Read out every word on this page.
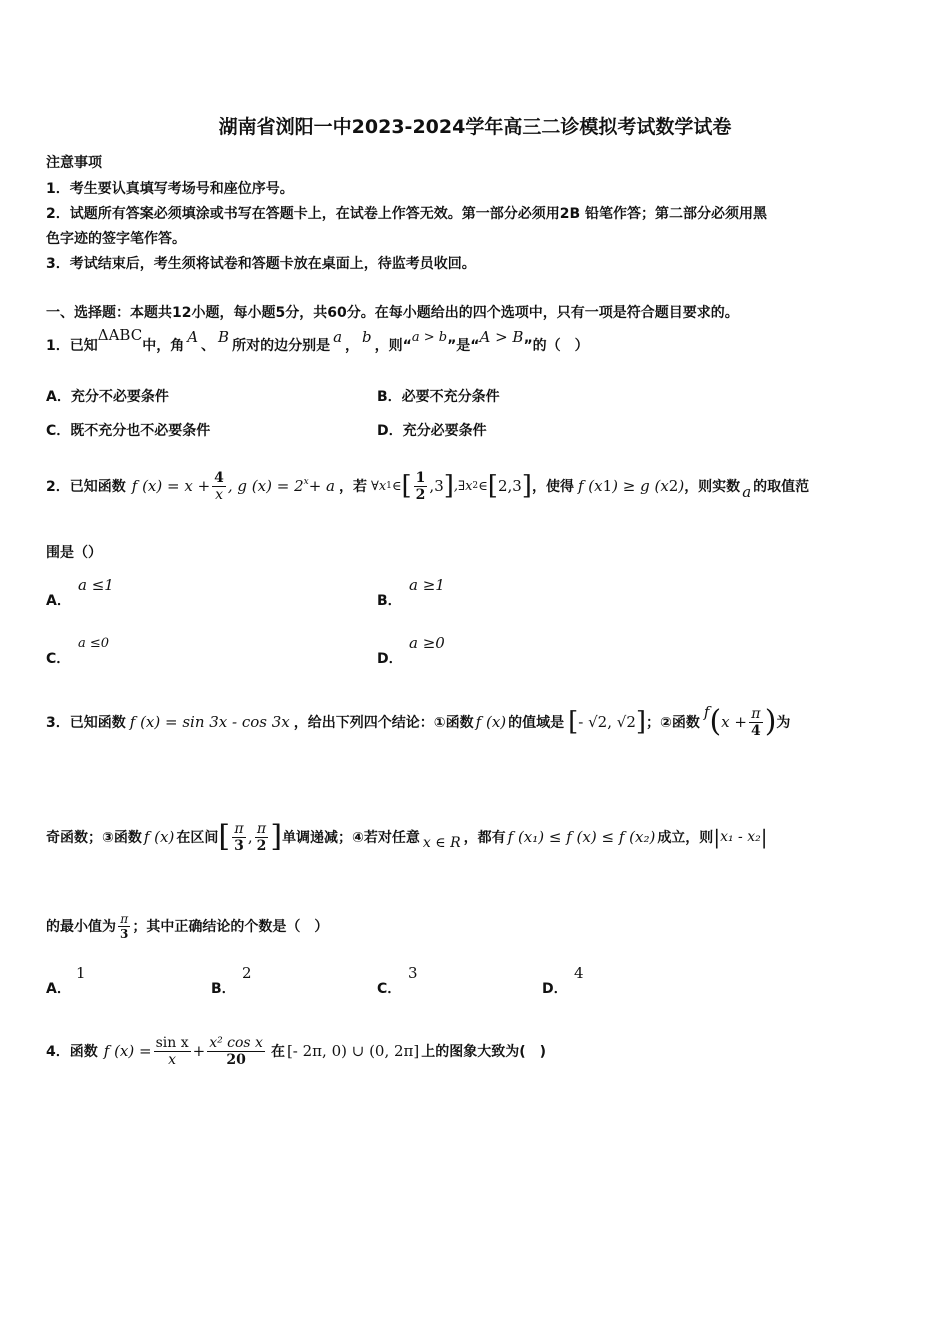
湖南省浏阳一中2023-2024学年高三二诊模拟考试数学试卷
注意事项
1．考生要认真填写考场号和座位序号。
2．试题所有答案必须填涂或书写在答题卡上，在试卷上作答无效。第一部分必须用2B 铅笔作答；第二部分必须用黑
色字迹的签字笔作答。
3．考试结束后，考生须将试卷和答题卡放在桌面上，待监考员收回。
一、选择题：本题共12小题，每小题5分，共60分。在每小题给出的四个选项中，只有一项是符合题目要求的。
1．已知
ΔABC
中，角 A 、 B 所对的边分别是 a ， b ，则“
a > b
”是“ A > B ”的（　）
A．充分不必要条件	B．必要不充分条件
C．既不充分也不必要条件	D．充分必要条件
2．已知函数 f $(x) = x + \frac{4}{x}$ , g $(x) = 2^x + a$ ，若 ∀x 1 ∈ [ $\frac{1}{2} ,3$ ] ,∃x 2 ∈ [ 2,3 ] ，使得 f (x 1 ) ≥ g (x 2 ) ，则实数 a 的取值范
围是（）
A．
a ≤1
B．
a ≥1
C．
a ≤0
D．
a ≥0
3．已知函数 f (x) = sin 3x - cos 3x ，给出下列四个结论：①函数 f (x) 的值域是 [ - √2, √2 ] ；②函数
f ( $x + \frac{\pi}{4}$ ) 为
奇函数；③函数 f (x) 在区间 [ $\frac{\pi}{3}$ , $\frac{\pi}{2}$ ] 单调递减；④若对任意 x ∈ R ，都有 f (x₁) ≤ f (x) ≤ f (x₂) 成立，则 | x₁ - x₂ |
的最小值为 $\frac{\pi}{3}$ ；其中正确结论的个数是（　）
A．
1
B．
2
C．
3
D．
4
4．函数 f $(x) = \frac{\text{sin x}}{x} + \frac{\text{x² cos x}}{20}$ 在 [- 2π, 0) ∪ (0, 2π] 上的图象大致为(　)
